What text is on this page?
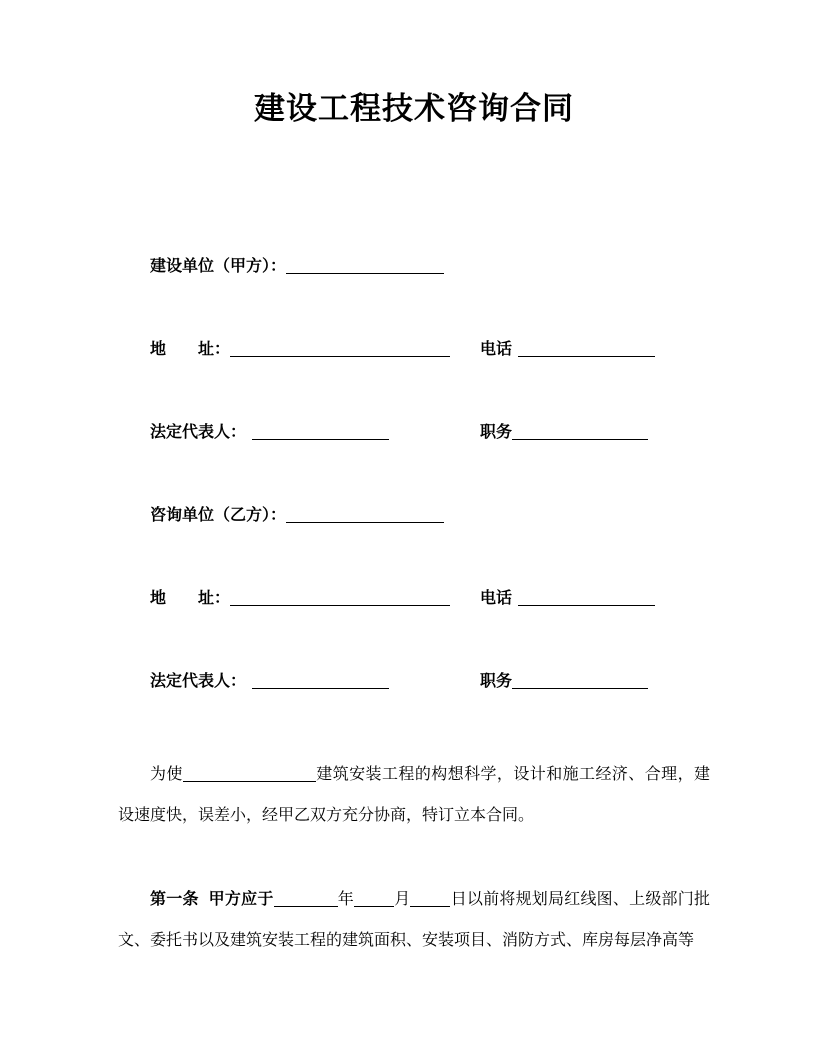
建设工程技术咨询合同
建设单位（甲方）：
地　　址：	电话
法定代表人：	职务
咨询单位（乙方）：
地　　址：	电话
法定代表人：	职务

为使	建筑安装工程的构想科学，设计和施工经济、合理，建设速度快，误差小，经甲乙双方充分协商，特订立本合同。

第一条 甲方应于	年	月	日以前将规划局红线图、上级部门批文、委托书以及建筑安装工程的建筑面积、安装项目、消防方式、库房每层净高等
